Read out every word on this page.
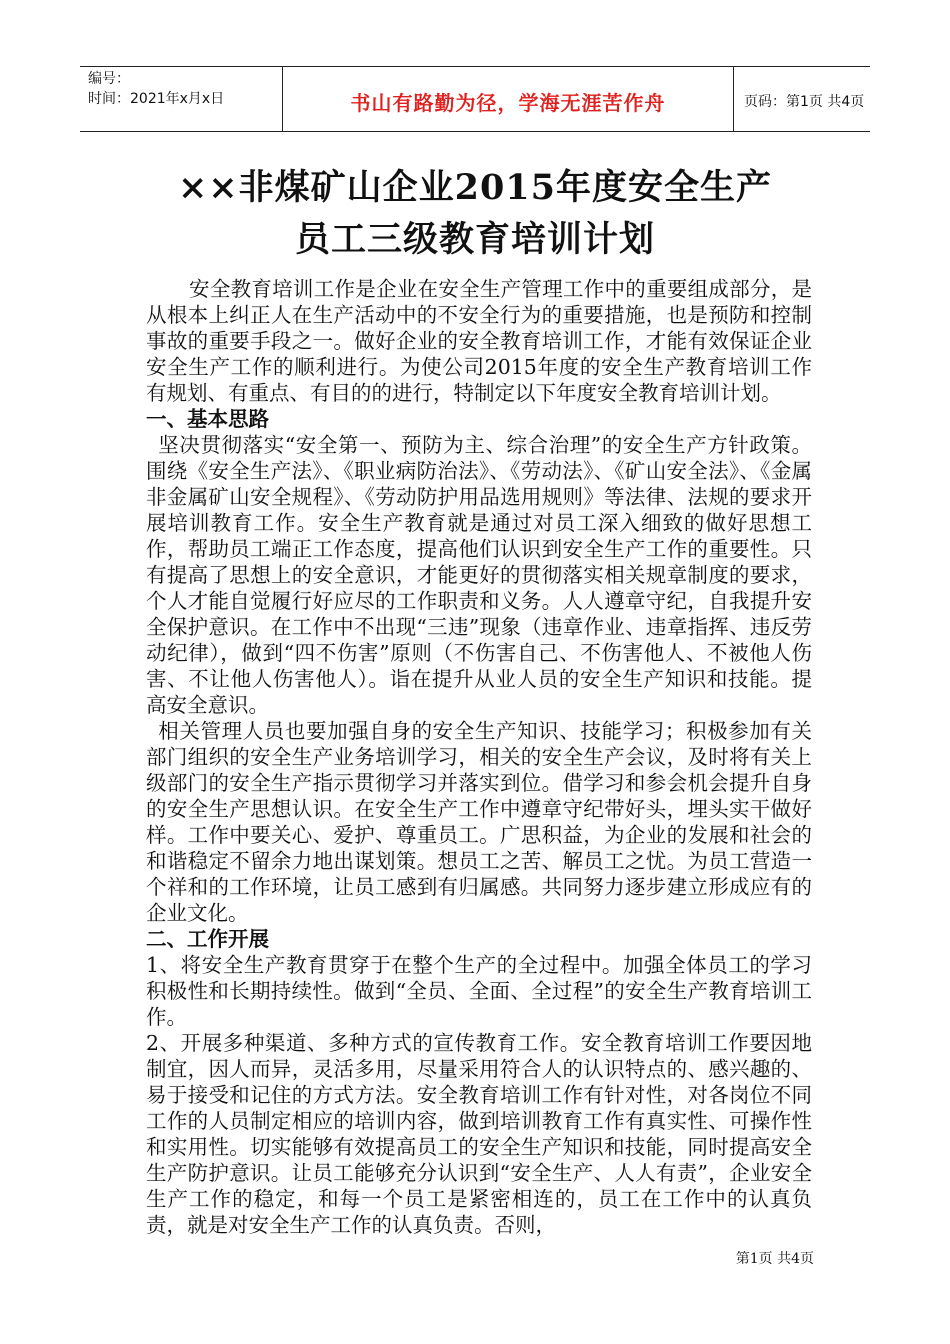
编号：
时间：2021年x月x日	书山有路勤为径，学海无涯苦作舟	页码：第1页 共4页
××非煤矿山企业2015年度安全生产
员工三级教育培训计划

安全教育培训工作是企业在安全生产管理工作中的重要组成部分，是从根本上纠正人在生产活动中的不安全行为的重要措施，也是预防和控制事故的重要手段之一。做好企业的安全教育培训工作，才能有效保证企业安全生产工作的顺利进行。为使公司2015年度的安全生产教育培训工作有规划、有重点、有目的的进行，特制定以下年度安全教育培训计划。

一、基本思路

坚决贯彻落实“安全第一、预防为主、综合治理”的安全生产方针政策。围绕《安全生产法》、《职业病防治法》、《劳动法》、《矿山安全法》、《金属非金属矿山安全规程》、《劳动防护用品选用规则》等法律、法规的要求开展培训教育工作。安全生产教育就是通过对员工深入细致的做好思想工作，帮助员工端正工作态度，提高他们认识到安全生产工作的重要性。只有提高了思想上的安全意识，才能更好的贯彻落实相关规章制度的要求，个人才能自觉履行好应尽的工作职责和义务。人人遵章守纪，自我提升安全保护意识。在工作中不出现“三违”现象（违章作业、违章指挥、违反劳动纪律），做到“四不伤害”原则（不伤害自己、不伤害他人、不被他人伤害、不让他人伤害他人）。诣在提升从业人员的安全生产知识和技能。提高安全意识。

相关管理人员也要加强自身的安全生产知识、技能学习；积极参加有关部门组织的安全生产业务培训学习，相关的安全生产会议，及时将有关上级部门的安全生产指示贯彻学习并落实到位。借学习和参会机会提升自身的安全生产思想认识。在安全生产工作中遵章守纪带好头，埋头实干做好样。工作中要关心、爱护、尊重员工。广思积益，为企业的发展和社会的和谐稳定不留余力地出谋划策。想员工之苦、解员工之忧。为员工营造一个祥和的工作环境，让员工感到有归属感。共同努力逐步建立形成应有的企业文化。

二、工作开展

1、将安全生产教育贯穿于在整个生产的全过程中。加强全体员工的学习积极性和长期持续性。做到“全员、全面、全过程”的安全生产教育培训工作。

2、开展多种渠道、多种方式的宣传教育工作。安全教育培训工作要因地制宜，因人而异，灵活多用，尽量采用符合人的认识特点的、感兴趣的、易于接受和记住的方式方法。安全教育培训工作有针对性，对各岗位不同工作的人员制定相应的培训内容，做到培训教育工作有真实性、可操作性和实用性。切实能够有效提高员工的安全生产知识和技能，同时提高安全生产防护意识。让员工能够充分认识到“安全生产、人人有责”，企业安全生产工作的稳定，和每一个员工是紧密相连的，员工在工作中的认真负责，就是对安全生产工作的认真负责。否则，

第1页 共4页
